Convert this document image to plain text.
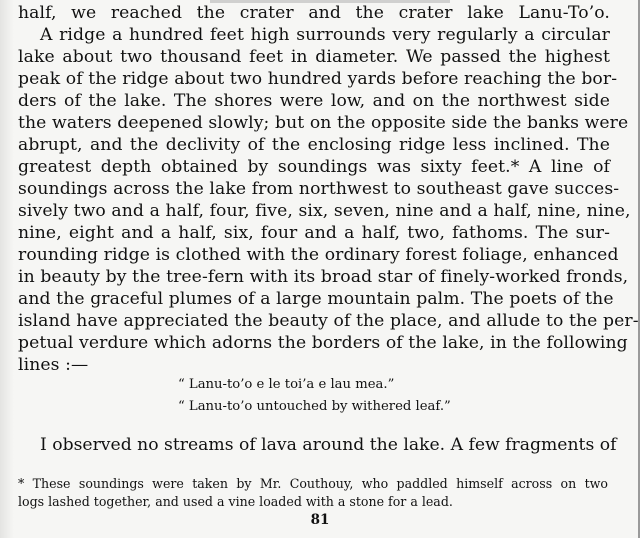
half, we reached the crater and the crater lake Lanu-To’o.
A ridge a hundred feet high surrounds very regularly a circular
lake about two thousand feet in diameter. We passed the highest
peak of the ridge about two hundred yards before reaching the bor-
ders of the lake. The shores were low, and on the northwest side
the waters deepened slowly; but on the opposite side the banks were
abrupt, and the declivity of the enclosing ridge less inclined. The
greatest depth obtained by soundings was sixty feet.* A line of
soundings across the lake from northwest to southeast gave succes-
sively two and a half, four, five, six, seven, nine and a half, nine, nine,
nine, eight and a half, six, four and a half, two, fathoms. The sur-
rounding ridge is clothed with the ordinary forest foliage, enhanced
in beauty by the tree-fern with its broad star of finely-worked fronds,
and the graceful plumes of a large mountain palm. The poets of the
island have appreciated the beauty of the place, and allude to the per-
petual verdure which adorns the borders of the lake, in the following
lines :—
“ Lanu-to’o e le toi’a e lau mea.”
“ Lanu-to’o untouched by withered leaf.”
I observed no streams of lava around the lake. A few fragments of
* These soundings were taken by Mr. Couthouy, who paddled himself across on two
logs lashed together, and used a vine loaded with a stone for a lead.
81
